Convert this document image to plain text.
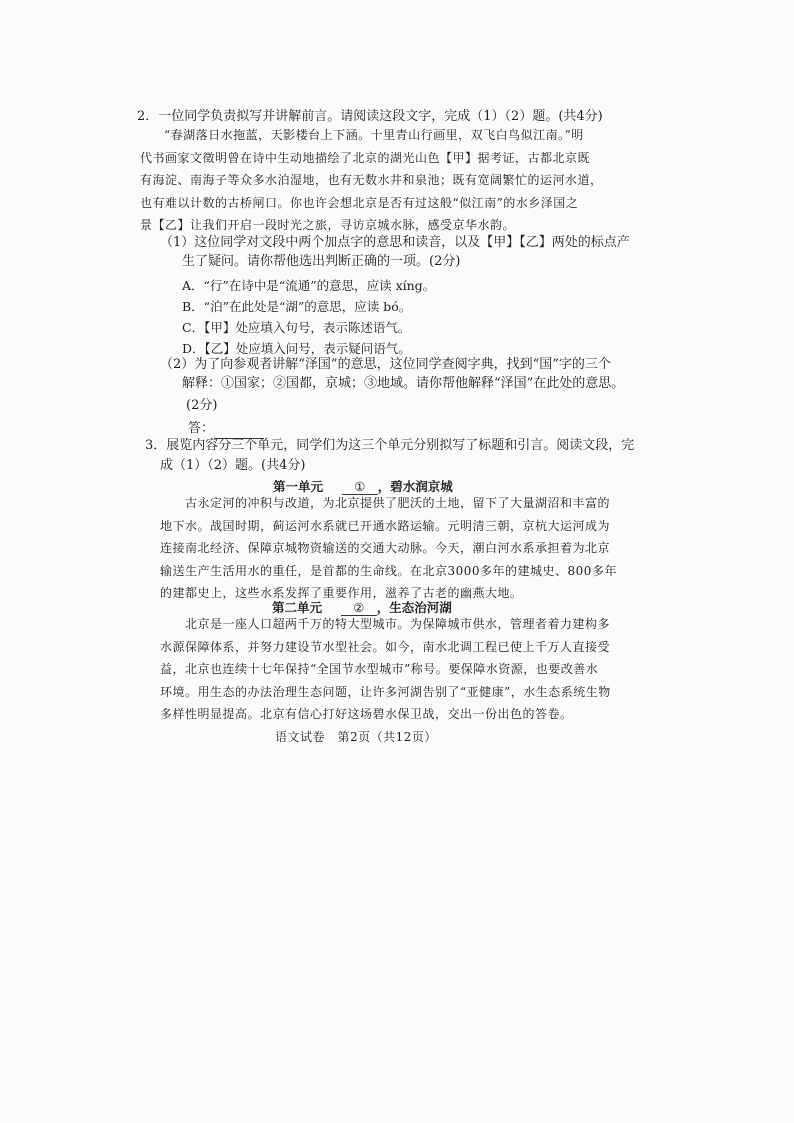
2．一位同学负责拟写并讲解前言。请阅读这段文字，完成（1）（2）题。(共4分)
“春湖落日水拖蓝，天影楼台上下涵。十里青山行画里，双飞白鸟似江南。”明
代书画家文徵明曾在诗中生动地描绘了北京的湖光山色【甲】据考证，古都北京既
有海淀、南海子等众多水泊湿地，也有无数水井和泉池；既有宽阔繁忙的运河水道，
也有难以计数的古桥闸口。你也许会想北京是否有过这般“似江南”的水乡泽国之
景【乙】让我们开启一段时光之旅，寻访京城水脉，感受京华水韵。
（1）这位同学对文段中两个加点字的意思和读音，以及【甲】【乙】两处的标点产
生了疑问。请你帮他选出判断正确的一项。(2分)
A．“行”在诗中是“流通”的意思，应读 xíng。
B．“泊”在此处是“湖”的意思，应读 bó。
C．【甲】处应填入句号，表示陈述语气。
D．【乙】处应填入问号，表示疑问语气。
（2）为了向参观者讲解“泽国”的意思，这位同学查阅字典，找到“国”字的三个
解释：①国家；②国都，京城；③地域。请你帮他解释“泽国”在此处的意思。
(2分)
答：
3．展览内容分三个单元，同学们为这三个单元分别拟写了标题和引言。阅读文段，完
成（1）（2）题。(共4分)
第一单元 ① ，碧水润京城
古永定河的冲积与改道，为北京提供了肥沃的土地，留下了大量湖沼和丰富的
地下水。战国时期，蓟运河水系就已开通水路运输。元明清三朝，京杭大运河成为
连接南北经济、保障京城物资输送的交通大动脉。今天，潮白河水系承担着为北京
输送生产生活用水的重任，是首都的生命线。在北京3000多年的建城史、800多年
的建都史上，这些水系发挥了重要作用，滋养了古老的幽燕大地。
第二单元 ② ，生态治河湖
北京是一座人口超两千万的特大型城市。为保障城市供水，管理者着力建构多
水源保障体系，并努力建设节水型社会。如今，南水北调工程已使上千万人直接受
益，北京也连续十七年保持“全国节水型城市”称号。要保障水资源，也要改善水
环境。用生态的办法治理生态问题，让许多河湖告别了“亚健康”，水生态系统生物
多样性明显提高。北京有信心打好这场碧水保卫战，交出一份出色的答卷。
语文试卷　第2页（共12页）
